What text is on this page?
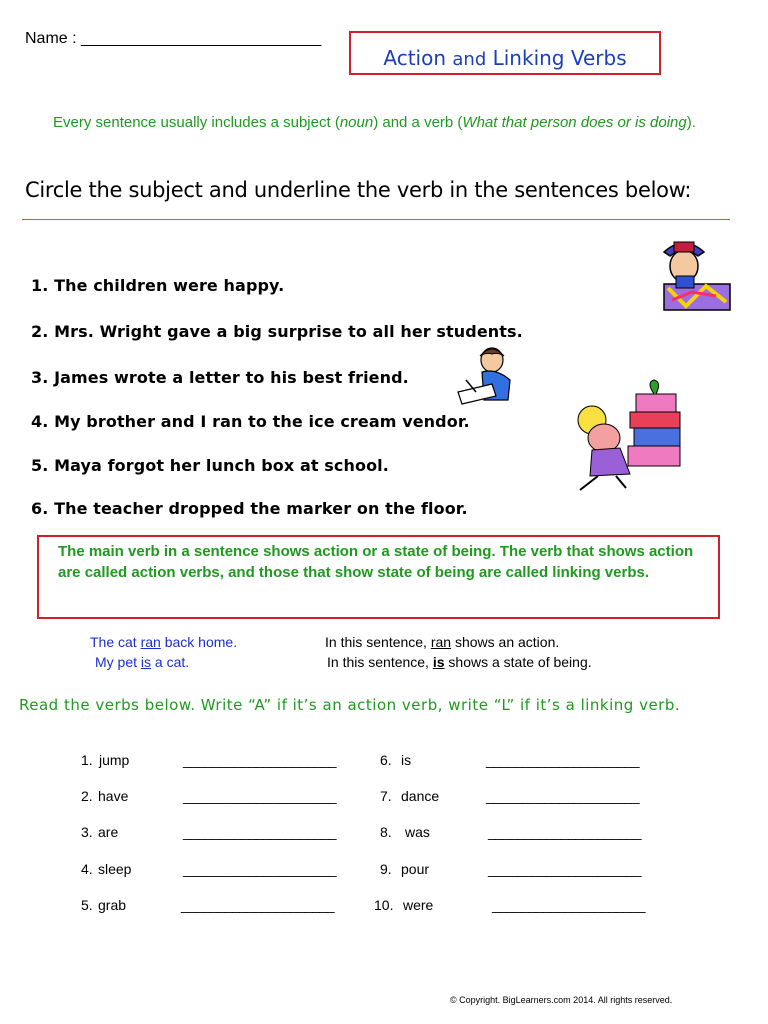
Name : ___________________________
Action and Linking Verbs
Every sentence usually includes a subject (noun) and a verb (What that person does or is doing).
Circle the subject and underline the verb in the sentences below:
1. The children were happy.
2. Mrs. Wright gave a big surprise to all her students.
3. James wrote a letter to his best friend.
4. My brother and I ran to the ice cream vendor.
5. Maya forgot her lunch box at school.
6. The teacher dropped the marker on the floor.
The main verb in a sentence shows action or a state of being. The verb that shows action are called action verbs, and those that show state of being are called linking verbs.
The cat ran back home.	In this sentence, ran shows an action.
My pet is a cat.	In this sentence, is shows a state of being.
Read the verbs below. Write “A” if it’s an action verb, write “L” if it’s a linking verb.
1. jump	_____________________
2. have	_____________________
3. are	_____________________
4. sleep	_____________________
5. grab	_____________________
6. is	_____________________
7. dance	_____________________
8. was	_____________________
9. pour	_____________________
10. were	_____________________
© Copyright. BigLearners.com 2014. All rights reserved.
